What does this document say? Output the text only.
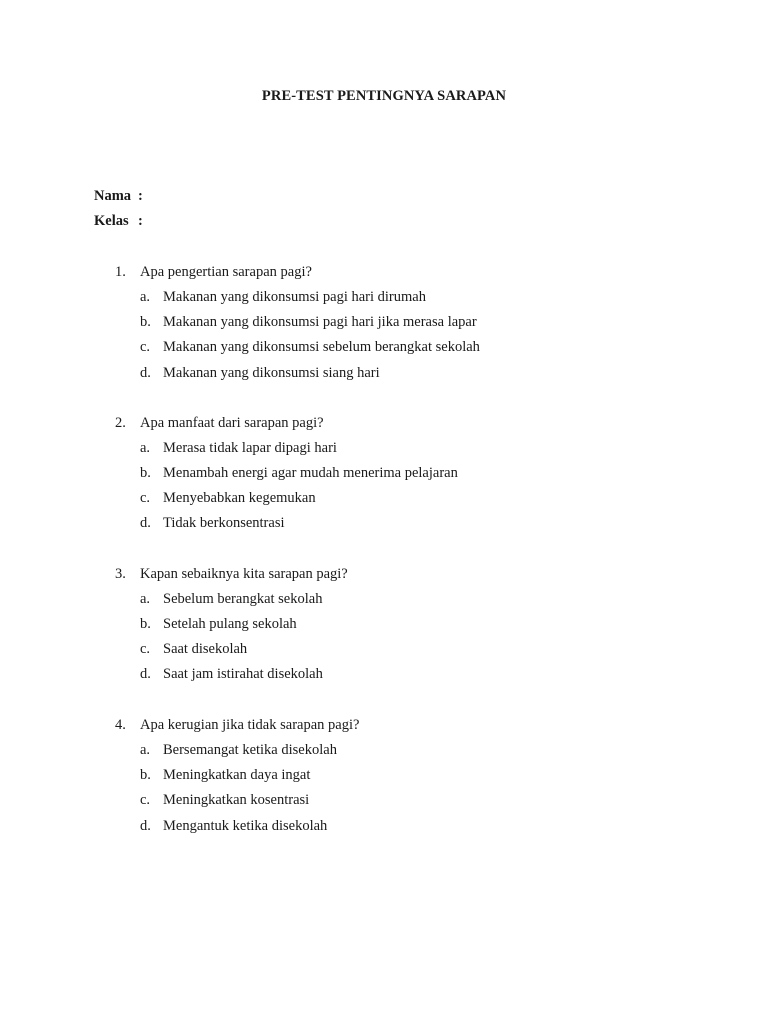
PRE-TEST PENTINGNYA SARAPAN
Nama :
Kelas :
1. Apa pengertian sarapan pagi?
a. Makanan yang dikonsumsi pagi hari dirumah
b. Makanan yang dikonsumsi pagi hari jika merasa lapar
c. Makanan yang dikonsumsi sebelum berangkat sekolah
d. Makanan yang dikonsumsi siang hari
2. Apa manfaat dari sarapan pagi?
a. Merasa tidak lapar dipagi hari
b. Menambah energi agar mudah menerima pelajaran
c. Menyebabkan kegemukan
d. Tidak berkonsentrasi
3. Kapan sebaiknya kita sarapan pagi?
a. Sebelum berangkat sekolah
b. Setelah pulang sekolah
c. Saat disekolah
d. Saat jam istirahat disekolah
4. Apa kerugian jika tidak sarapan pagi?
a. Bersemangat ketika disekolah
b. Meningkatkan daya ingat
c. Meningkatkan kosentrasi
d. Mengantuk ketika disekolah
